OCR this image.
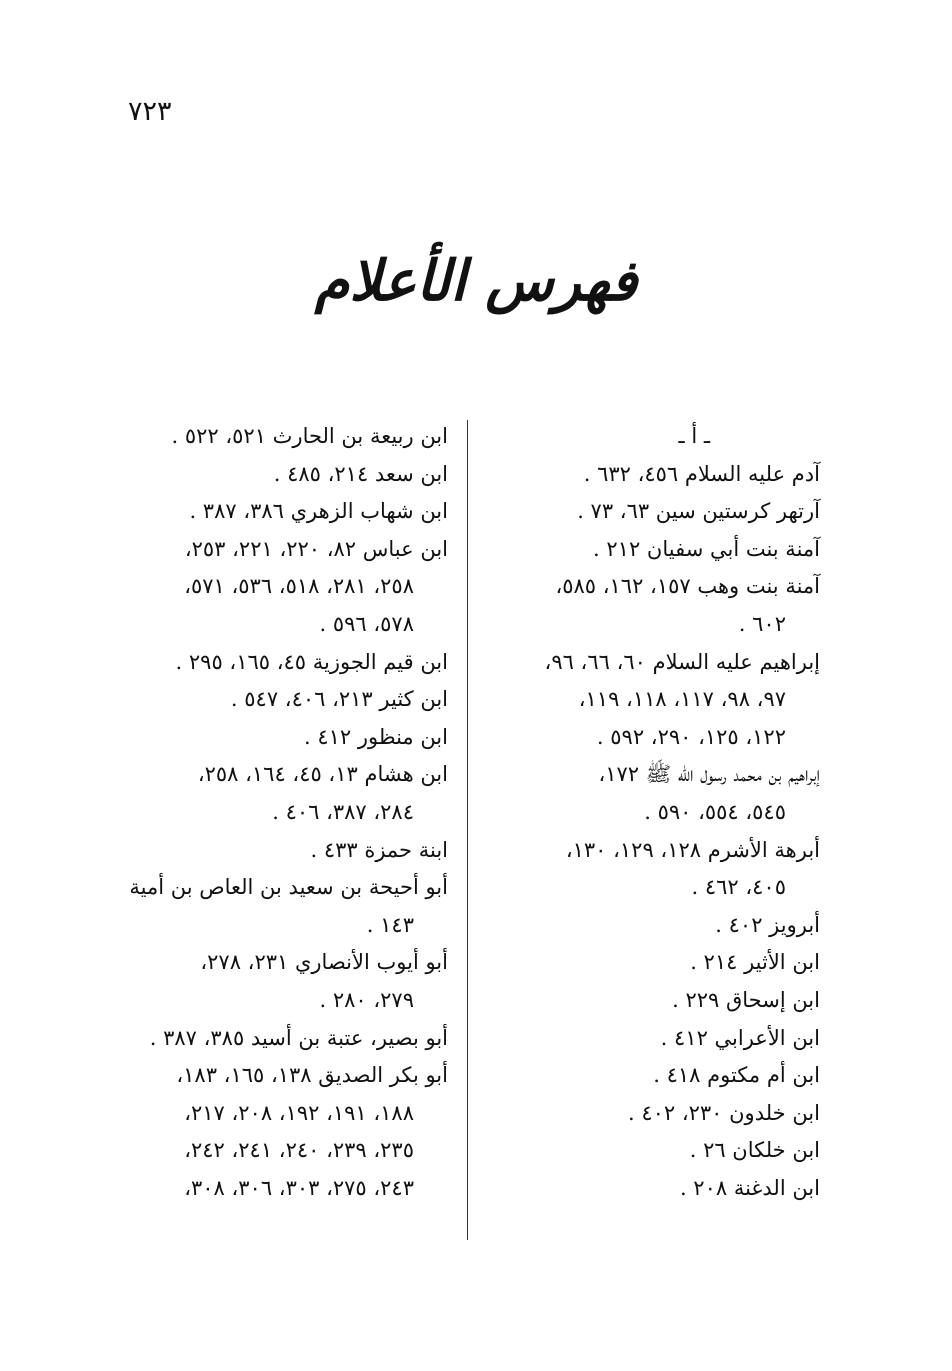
٧٢٣
فهرس الأعلام
ـ أ ـ
آدم عليه السلام ٤٥٦، ٦٣٢ .
آرتهر كرستين سين ٦٣، ٧٣ .
آمنة بنت أبي سفيان ٢١٢ .
آمنة بنت وهب ١٥٧، ١٦٢، ٥٨٥،
٦٠٢ .
إبراهيم عليه السلام ٦٠، ٦٦، ٩٦،
٩٧، ٩٨، ١١٧، ١١٨، ١١٩،
١٢٢، ١٢٥، ٢٩٠، ٥٩٢ .
إبراهيم بن محمد رسول الله ﷺ ١٧٢،
٥٤٥، ٥٥٤، ٥٩٠ .
أبرهة الأشرم ١٢٨، ١٢٩، ١٣٠،
٤٠٥، ٤٦٢ .
أبرويز ٤٠٢ .
ابن الأثير ٢١٤ .
ابن إسحاق ٢٢٩ .
ابن الأعرابي ٤١٢ .
ابن أم مكتوم ٤١٨ .
ابن خلدون ٢٣٠، ٤٠٢ .
ابن خلكان ٢٦ .
ابن الدغنة ٢٠٨ .
ابن ربيعة بن الحارث ٥٢١، ٥٢٢ .
ابن سعد ٢١٤، ٤٨٥ .
ابن شهاب الزهري ٣٨٦، ٣٨٧ .
ابن عباس ٨٢، ٢٢٠، ٢٢١، ٢٥٣،
٢٥٨، ٢٨١، ٥١٨، ٥٣٦، ٥٧١،
٥٧٨، ٥٩٦ .
ابن قيم الجوزية ٤٥، ١٦٥، ٢٩٥ .
ابن كثير ٢١٣، ٤٠٦، ٥٤٧ .
ابن منظور ٤١٢ .
ابن هشام ١٣، ٤٥، ١٦٤، ٢٥٨،
٢٨٤، ٣٨٧، ٤٠٦ .
ابنة حمزة ٤٣٣ .
أبو أحيحة بن سعيد بن العاص بن أمية
١٤٣ .
أبو أيوب الأنصاري ٢٣١، ٢٧٨،
٢٧٩، ٢٨٠ .
أبو بصير، عتبة بن أسيد ٣٨٥، ٣٨٧ .
أبو بكر الصديق ١٣٨، ١٦٥، ١٨٣،
١٨٨، ١٩١، ١٩٢، ٢٠٨، ٢١٧،
٢٣٥، ٢٣٩، ٢٤٠، ٢٤١، ٢٤٢،
٢٤٣، ٢٧٥، ٣٠٣، ٣٠٦، ٣٠٨،
